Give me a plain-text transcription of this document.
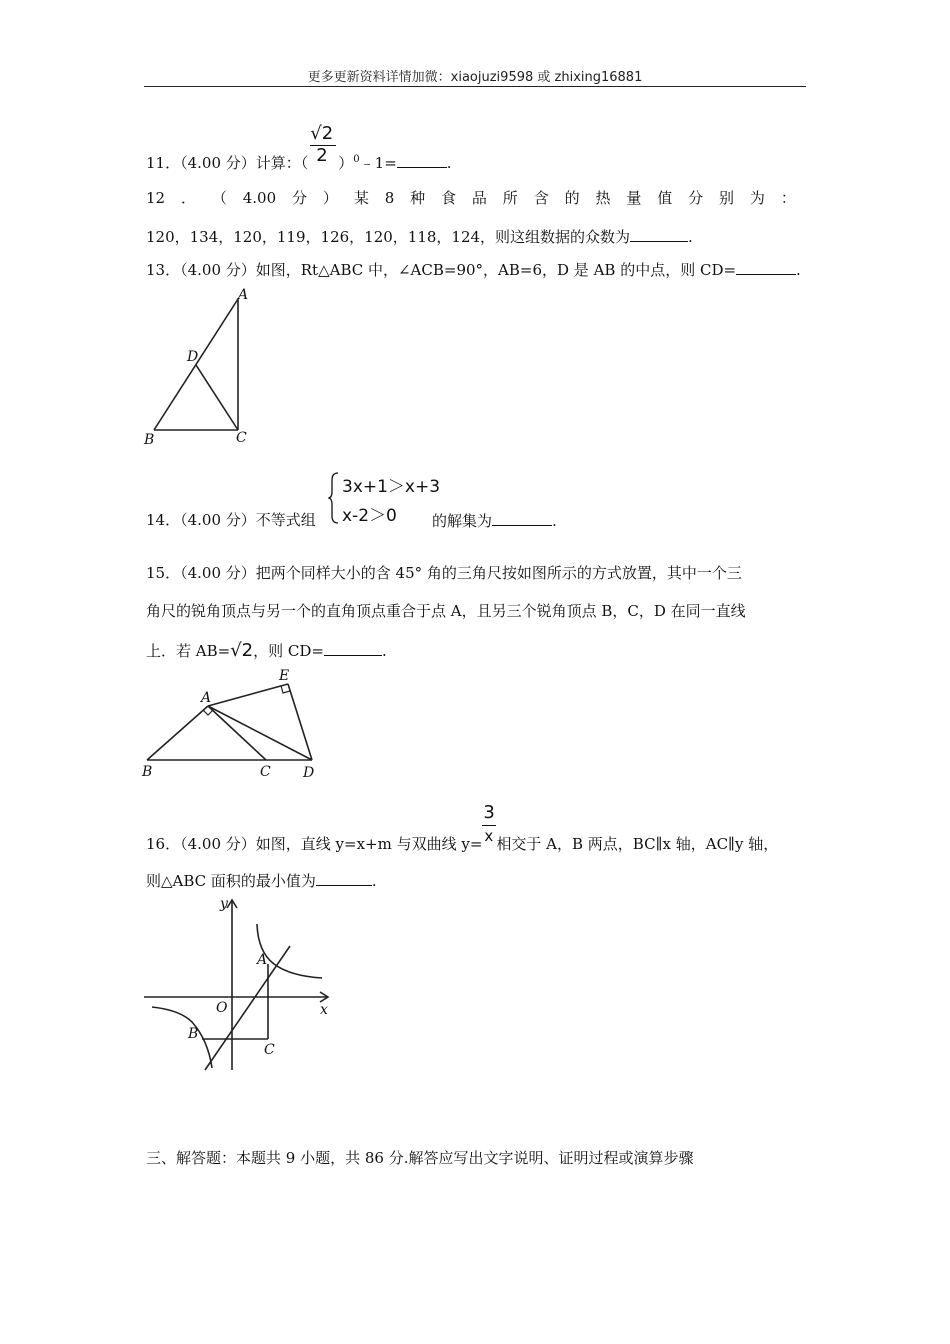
更多更新资料详情加微：xiaojuzi9598 或 zhixing16881
11．（4.00 分）计算：（ $\frac{√2}{2}$ ）$^0$﹣1=	.
12 ． （ 4.00 分 ） 某 8 种 食 品 所 含 的 热 量 值 分 别 为 ：
120，134，120，119，126，120，118，124，则这组数据的众数为	.
13．（4.00 分）如图，Rt△ABC 中，∠ACB=90°，AB=6，D 是 AB 的中点，则 CD=	.
A
D
B	C
14．（4.00 分）不等式组
3x+1＞x+3
x-2＞0 的解集为	.
15．（4.00 分）把两个同样大小的含 45° 角的三角尺按如图所示的方式放置，其中一个三
角尺的锐角顶点与另一个的直角顶点重合于点 A，且另三个锐角顶点 B，C，D 在同一直线
上．若 AB=√2，则 CD=	.
A
E
B	C D
16．（4.00 分）如图，直线 y=x+m 与双曲线 $y= \frac{3}{x}$ 相交于 A，B 两点，BC∥x 轴，AC∥y 轴，
则△ABC 面积的最小值为	.
y
x
O
A
B
C
三、解答题：本题共 9 小题，共 86 分.解答应写出文字说明、证明过程或演算步骤
